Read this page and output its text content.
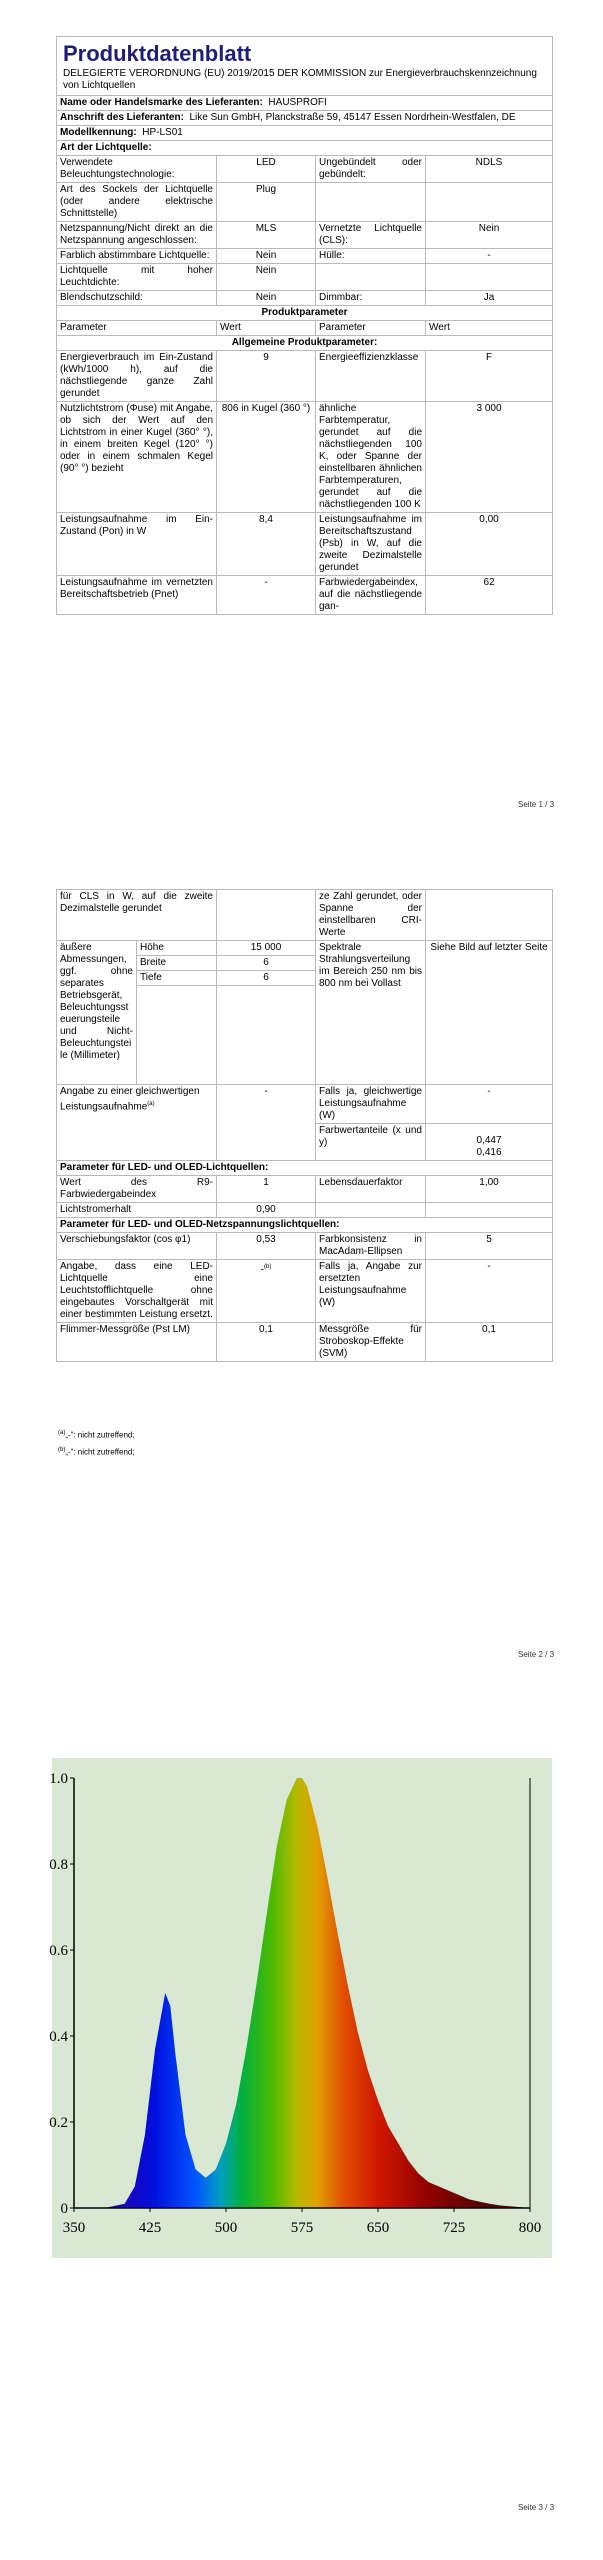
Produktdatenblatt
DELEGIERTE VERORDNUNG (EU) 2019/2015 DER KOMMISSION zur Energieverbrauchskennzeichnung von Lichtquellen			

Name oder Handelsmarke des Lieferanten: HAUSPROFI			
Anschrift des Lieferanten: Like Sun GmbH, Planckstraße 59, 45147 Essen Nordrhein-Westfalen, DE			
Modellkennung: HP-LS01			
Art der Lichtquelle:			
Verwendete Beleuchtungstechnologie:	LED	Ungebündelt oder gebündelt:	NDLS
Art des Sockels der Lichtquelle (oder andere elektrische Schnittstelle)	Plug		
Netzspannung/Nicht direkt an die Netzspannung angeschlossen:	MLS	Vernetzte Lichtquelle (CLS):	Nein
Farblich abstimmbare Lichtquelle:	Nein	Hülle:	-
Lichtquelle mit hoher Leuchtdichte:	Nein		
Blendschutzschild:	Nein	Dimmbar:	Ja
Produktparameter			
Parameter	Wert	Parameter	Wert
Allgemeine Produktparameter:			
Energieverbrauch im Ein-Zustand (kWh/1000 h), auf die nächstliegende ganze Zahl gerundet	9	Energieeffizienzklasse	F
Nutzlichtstrom (Φuse) mit Angabe, ob sich der Wert auf den Lichtstrom in einer Kugel (360° °), in einem breiten Kegel (120° °) oder in einem schmalen Kegel (90° °) bezieht	806 in Kugel (360 °)	ähnliche Farbtemperatur, gerundet auf die nächstliegenden 100 K, oder Spanne der einstellbaren ähnlichen Farbtemperaturen, gerundet auf die nächstliegenden 100 K	3 000
Leistungsaufnahme im Ein-Zustand (Pon) in W	8,4	Leistungsaufnahme im Bereitschaftszustand (Psb) in W, auf die zweite Dezimalstelle gerundet	0,00
Leistungsaufnahme im vernetzten Bereitschaftsbetrieb (Pnet)	-	Farbwiedergabeindex, auf die nächstliegende gan-	62
Seite 1 / 3
für CLS in W, auf die zweite Dezimalstelle gerundet			ze Zahl gerundet, oder Spanne der einstellbaren CRI-Werte	
äußere Abmessungen, ggf. ohne separates Betriebsgerät, Beleuchtungssteuerungsteile und Nicht-Beleuchtungsteile (Millimeter)	Höhe	15 000	Spektrale Strahlungsverteilung im Bereich 250 nm bis 800 nm bei Vollast	Siehe Bild auf letzter Seite
	Breite	6		
	Tiefe	6		

Angabe zu einer gleichwertigen Leistungsaufnahme$^{(a)}$		-	Falls ja, gleichwertige Leistungsaufnahme (W)	-
			Farbwertanteile (x und y)	0,447
0,416

Parameter für LED- und OLED-Lichtquellen:				
Wert des R9-Farbwiedergabeindex		1	Lebensdauerfaktor	1,00
Lichtstromerhalt		0,90		
Parameter für LED- und OLED-Netzspannungslichtquellen:				
Verschiebungsfaktor (cos φ1)		0,53	Farbkonsistenz in MacAdam-Ellipsen	5
Angabe, dass eine LED-Lichtquelle eine Leuchtstofflichtquelle ohne eingebautes Vorschaltgerät mit einer bestimmten Leistung ersetzt.		-$^{(b)}$	Falls ja, Angabe zur ersetzten Leistungsaufnahme (W)	-
Flimmer-Messgröße (Pst LM)		0,1	Messgröße für Stroboskop-Effekte (SVM)	0,1
$^{(a)}$„-“: nicht zutreffend;
$^{(b)}$„-“: nicht zutreffend;
Seite 2 / 3
0
0.2
0.4
0.6
0.8
1.0
350	425	500	575	650	725	800
Seite 3 / 3
